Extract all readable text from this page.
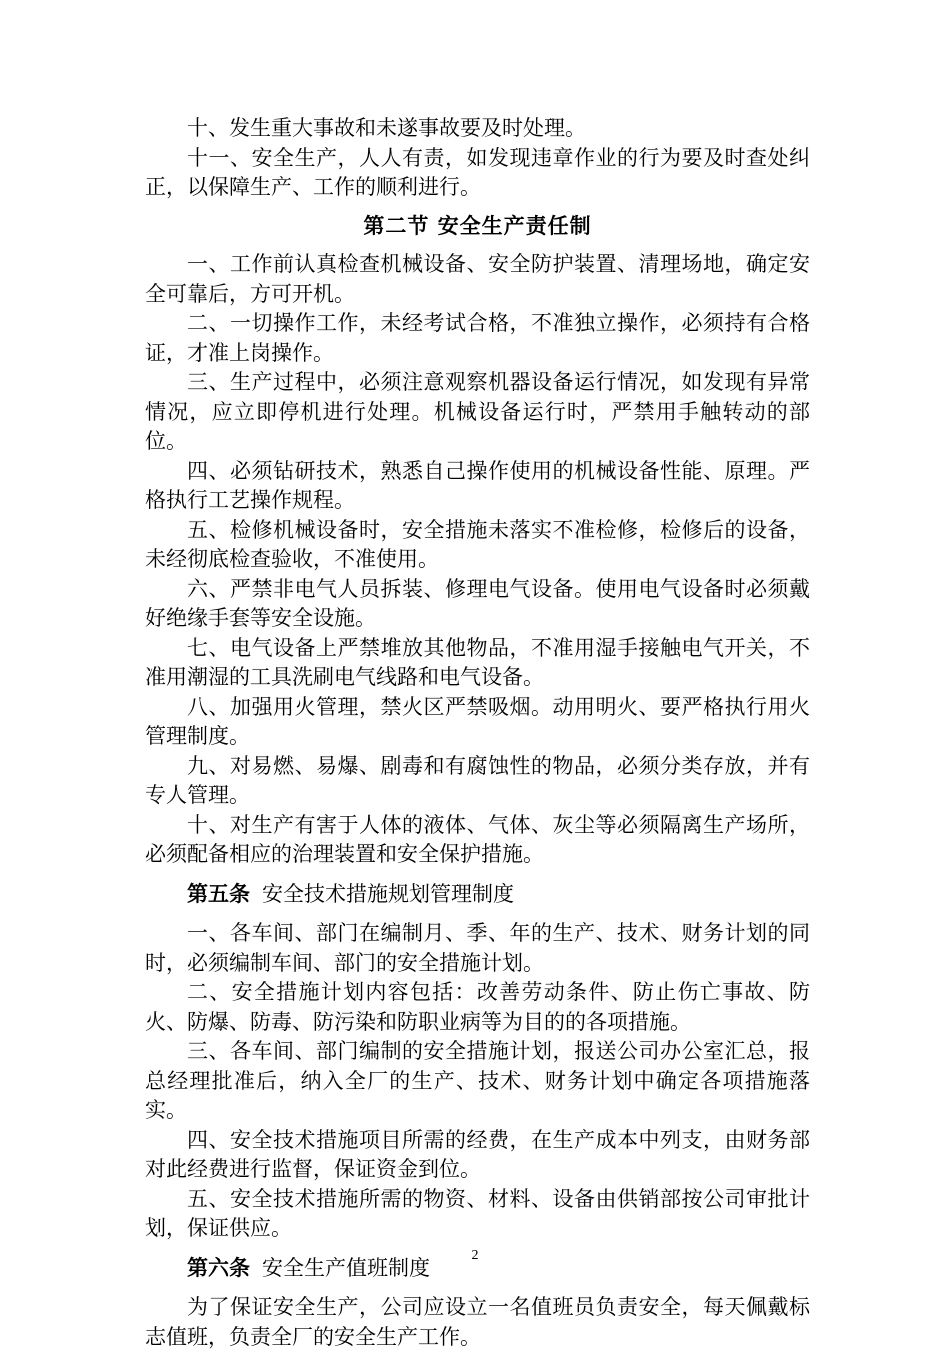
十、发生重大事故和未遂事故要及时处理。

十一、安全生产，人人有责，如发现违章作业的行为要及时查处纠正，以保障生产、工作的顺利进行。

第二节 安全生产责任制

一、工作前认真检查机械设备、安全防护装置、清理场地，确定安全可靠后，方可开机。

二、一切操作工作，未经考试合格，不准独立操作，必须持有合格证，才准上岗操作。

三、生产过程中，必须注意观察机器设备运行情况，如发现有异常情况，应立即停机进行处理。机械设备运行时，严禁用手触转动的部位。

四、必须钻研技术，熟悉自己操作使用的机械设备性能、原理。严格执行工艺操作规程。

五、检修机械设备时，安全措施未落实不准检修，检修后的设备，未经彻底检查验收，不准使用。

六、严禁非电气人员拆装、修理电气设备。使用电气设备时必须戴好绝缘手套等安全设施。

七、电气设备上严禁堆放其他物品，不准用湿手接触电气开关，不准用潮湿的工具洗刷电气线路和电气设备。

八、加强用火管理，禁火区严禁吸烟。动用明火、要严格执行用火管理制度。

九、对易燃、易爆、剧毒和有腐蚀性的物品，必须分类存放，并有专人管理。

十、对生产有害于人体的液体、气体、灰尘等必须隔离生产场所，必须配备相应的治理装置和安全保护措施。

第五条 安全技术措施规划管理制度

一、各车间、部门在编制月、季、年的生产、技术、财务计划的同时，必须编制车间、部门的安全措施计划。

二、安全措施计划内容包括：改善劳动条件、防止伤亡事故、防火、防爆、防毒、防污染和防职业病等为目的的各项措施。

三、各车间、部门编制的安全措施计划，报送公司办公室汇总，报总经理批准后，纳入全厂的生产、技术、财务计划中确定各项措施落实。

四、安全技术措施项目所需的经费，在生产成本中列支，由财务部对此经费进行监督，保证资金到位。

五、安全技术措施所需的物资、材料、设备由供销部按公司审批计划，保证供应。

第六条 安全生产值班制度

为了保证安全生产，公司应设立一名值班员负责安全，每天佩戴标志值班，负责全厂的安全生产工作。

2
